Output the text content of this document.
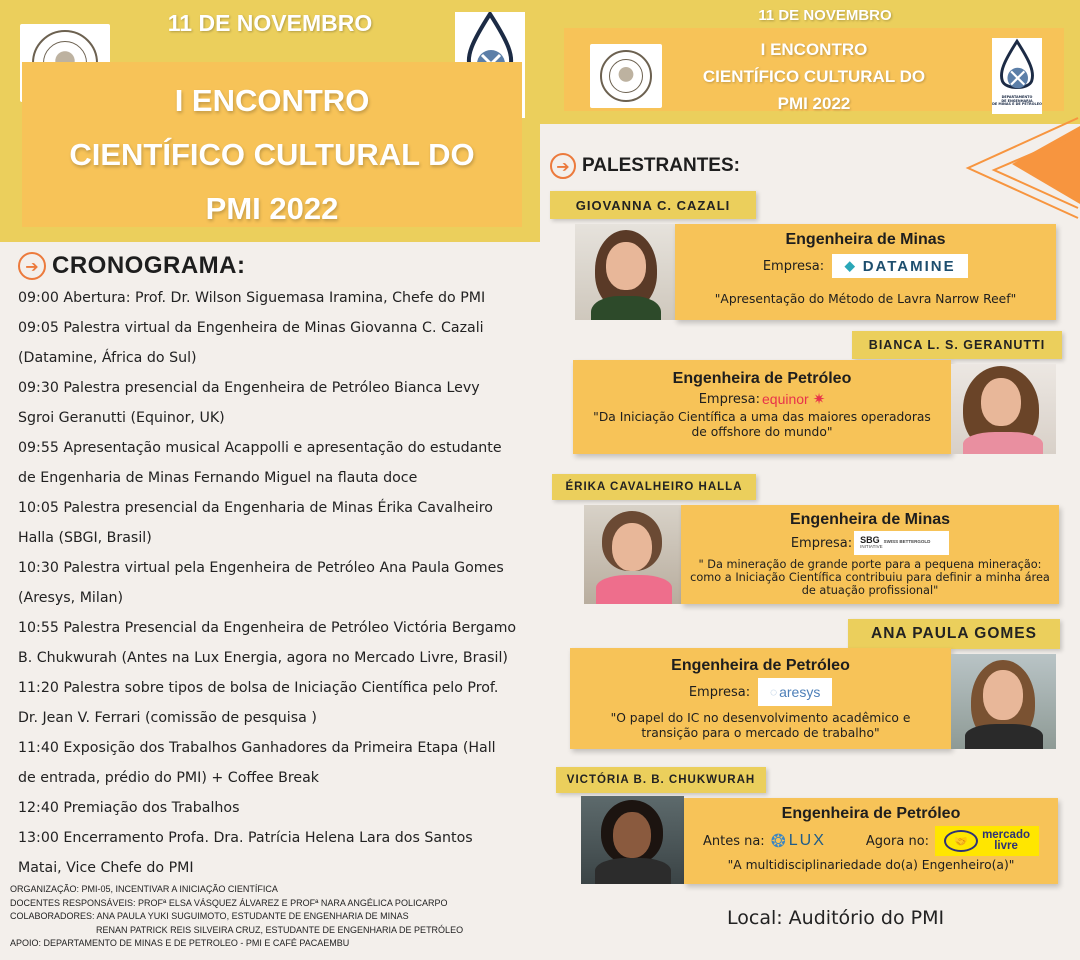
11 DE NOVEMBRO
I ENCONTRO
CIENTÍFICO CULTURAL DO
PMI 2022
11 DE NOVEMBRO
I ENCONTRO
CIENTÍFICO CULTURAL DO
PMI 2022	DEPARTAMENTO
DE ENGENHARIA
DE MINAS E DE PETRÓLEO
➔ CRONOGRAMA:
09:00 Abertura: Prof. Dr. Wilson Siguemasa Iramina, Chefe do PMI
09:05 Palestra virtual da Engenheira de Minas Giovanna C. Cazali
(Datamine, África do Sul)
09:30 Palestra presencial da Engenheira de Petróleo Bianca Levy
Sgroi Geranutti (Equinor, UK)
09:55 Apresentação musical Acappolli e apresentação do estudante
de Engenharia de Minas Fernando Miguel na flauta doce
10:05 Palestra presencial da Engenharia de Minas Érika Cavalheiro
Halla (SBGI, Brasil)
10:30 Palestra virtual pela Engenheira de Petróleo Ana Paula Gomes
(Aresys, Milan)
10:55 Palestra Presencial da Engenheira de Petróleo Victória Bergamo
B. Chukwurah (Antes na Lux Energia, agora no Mercado Livre, Brasil)
11:20 Palestra sobre tipos de bolsa de Iniciação Científica pelo Prof.
Dr. Jean V. Ferrari (comissão de pesquisa )
11:40 Exposição dos Trabalhos Ganhadores da Primeira Etapa (Hall
de entrada, prédio do PMI) + Coffee Break
12:40 Premiação dos Trabalhos
13:00 Encerramento Profa. Dra. Patrícia Helena Lara dos Santos
Matai, Vice Chefe do PMI
ORGANIZAÇÃO: PMI-05, INCENTIVAR A INICIAÇÃO CIENTÍFICA
DOCENTES RESPONSÁVEIS: PROFª ELSA VÁSQUEZ ÁLVAREZ E PROFª NARA ANGÉLICA POLICARPO
COLABORADORES: ANA PAULA YUKI SUGUIMOTO, ESTUDANTE DE ENGENHARIA DE MINAS
RENAN PATRICK REIS SILVEIRA CRUZ, ESTUDANTE DE ENGENHARIA DE PETRÓLEO
APOIO: DEPARTAMENTO DE MINAS E DE PETROLEO - PMI E CAFÉ PACAEMBU
➔ PALESTRANTES:
GIOVANNA C. CAZALI
Engenheira de Minas
Empresa: ◆ DATAMINE
"Apresentação do Método de Lavra Narrow Reef"
BIANCA L. S. GERANUTTI
Engenheira de Petróleo
Empresa: equinor ✷
"Da Iniciação Científica a uma das maiores operadoras
de offshore do mundo"
ÉRIKA CAVALHEIRO HALLA
Engenheira de Minas
Empresa: SBG SWISS BETTERGOLD
INITIATIVE
" Da mineração de grande porte para a pequena mineração:
como a Iniciação Científica contribuiu para definir a minha área
de atuação profissional"
ANA PAULA GOMES
Engenheira de Petróleo
Empresa: ◌ aresys
"O papel do IC no desenvolvimento acadêmico e
transição para o mercado de trabalho"
VICTÓRIA B. B. CHUKWURAH
Engenheira de Petróleo
Antes na: ❂ LUX	Agora no:	🤝
mercado
livre
"A multidisciplinariedade do(a) Engenheiro(a)"
Local: Auditório do PMI
